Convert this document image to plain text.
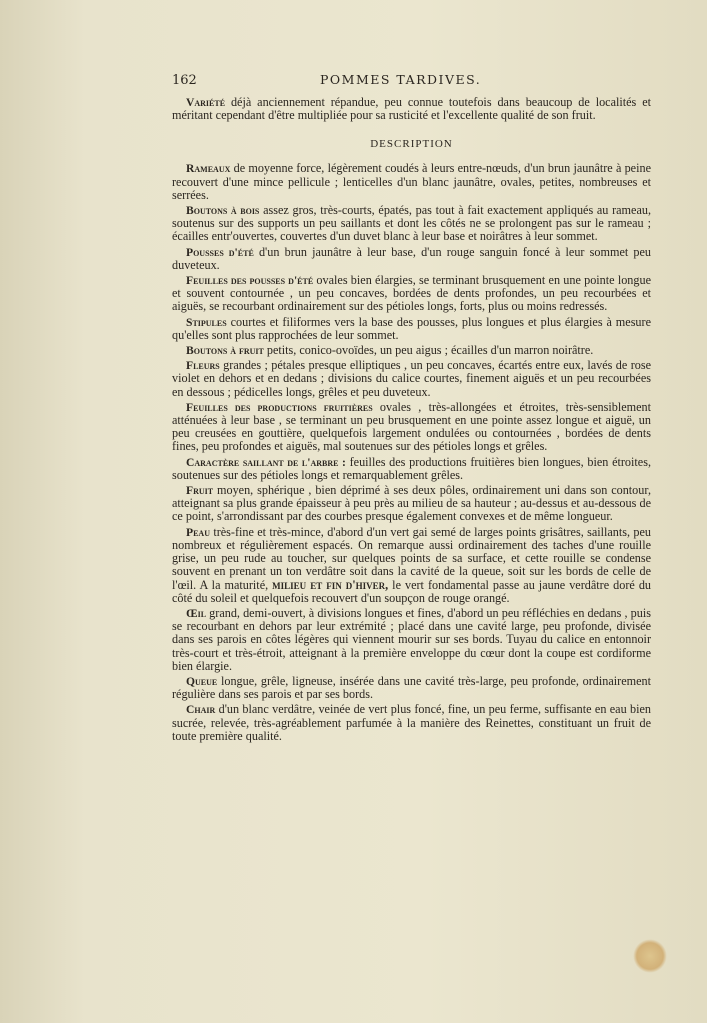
162	POMMES TARDIVES.

Variété déjà anciennement répandue, peu connue toutefois dans beaucoup de localités et méritant cependant d'être multipliée pour sa rusticité et l'excellente qualité de son fruit.

DESCRIPTION

Rameaux de moyenne force, légèrement coudés à leurs entre-nœuds, d'un brun jaunâtre à peine recouvert d'une mince pellicule ; lenticelles d'un blanc jaunâtre, ovales, petites, nombreuses et serrées.

Boutons à bois assez gros, très-courts, épatés, pas tout à fait exactement appliqués au rameau, soutenus sur des supports un peu saillants et dont les côtés ne se prolongent pas sur le rameau ; écailles entr'ouvertes, couvertes d'un duvet blanc à leur base et noirâtres à leur sommet.

Pousses d'été d'un brun jaunâtre à leur base, d'un rouge sanguin foncé à leur sommet peu duveteux.

Feuilles des pousses d'été ovales bien élargies, se terminant brusquement en une pointe longue et souvent contournée , un peu concaves, bordées de dents profondes, un peu recourbées et aiguës, se recourbant ordinairement sur des pétioles longs, forts, plus ou moins redressés.

Stipules courtes et filiformes vers la base des pousses, plus longues et plus élargies à mesure qu'elles sont plus rapprochées de leur sommet.

Boutons à fruit petits, conico-ovoïdes, un peu aigus ; écailles d'un marron noirâtre.

Fleurs grandes ; pétales presque elliptiques , un peu concaves, écartés entre eux, lavés de rose violet en dehors et en dedans ; divisions du calice courtes, finement aiguës et un peu recourbées en dessous ; pédicelles longs, grêles et peu duveteux.

Feuilles des productions fruitières ovales , très-allongées et étroites, très-sensiblement atténuées à leur base , se terminant un peu brusquement en une pointe assez longue et aiguë, un peu creusées en gouttière, quelquefois largement ondulées ou contournées , bordées de dents fines, peu profondes et aiguës, mal soutenues sur des pétioles longs et grêles.

Caractère saillant de l'arbre : feuilles des productions fruitières bien longues, bien étroites, soutenues sur des pétioles longs et remarquablement grêles.

Fruit moyen, sphérique , bien déprimé à ses deux pôles, ordinairement uni dans son contour, atteignant sa plus grande épaisseur à peu près au milieu de sa hauteur ; au-dessus et au-dessous de ce point, s'arrondissant par des courbes presque également convexes et de même longueur.

Peau très-fine et très-mince, d'abord d'un vert gai semé de larges points grisâtres, saillants, peu nombreux et régulièrement espacés. On remarque aussi ordinairement des taches d'une rouille grise, un peu rude au toucher, sur quelques points de sa surface, et cette rouille se condense souvent en prenant un ton verdâtre soit dans la cavité de la queue, soit sur les bords de celle de l'œil. A la maturité, milieu et fin d'hiver, le vert fondamental passe au jaune verdâtre doré du côté du soleil et quelquefois recouvert d'un soupçon de rouge orangé.

Œil grand, demi-ouvert, à divisions longues et fines, d'abord un peu réfléchies en dedans , puis se recourbant en dehors par leur extrémité ; placé dans une cavité large, peu profonde, divisée dans ses parois en côtes légères qui viennent mourir sur ses bords. Tuyau du calice en entonnoir très-court et très-étroit, atteignant à la première enveloppe du cœur dont la coupe est cordiforme bien élargie.

Queue longue, grêle, ligneuse, insérée dans une cavité très-large, peu profonde, ordinairement régulière dans ses parois et par ses bords.

Chair d'un blanc verdâtre, veinée de vert plus foncé, fine, un peu ferme, suffisante en eau bien sucrée, relevée, très-agréablement parfumée à la manière des Reinettes, constituant un fruit de toute première qualité.
